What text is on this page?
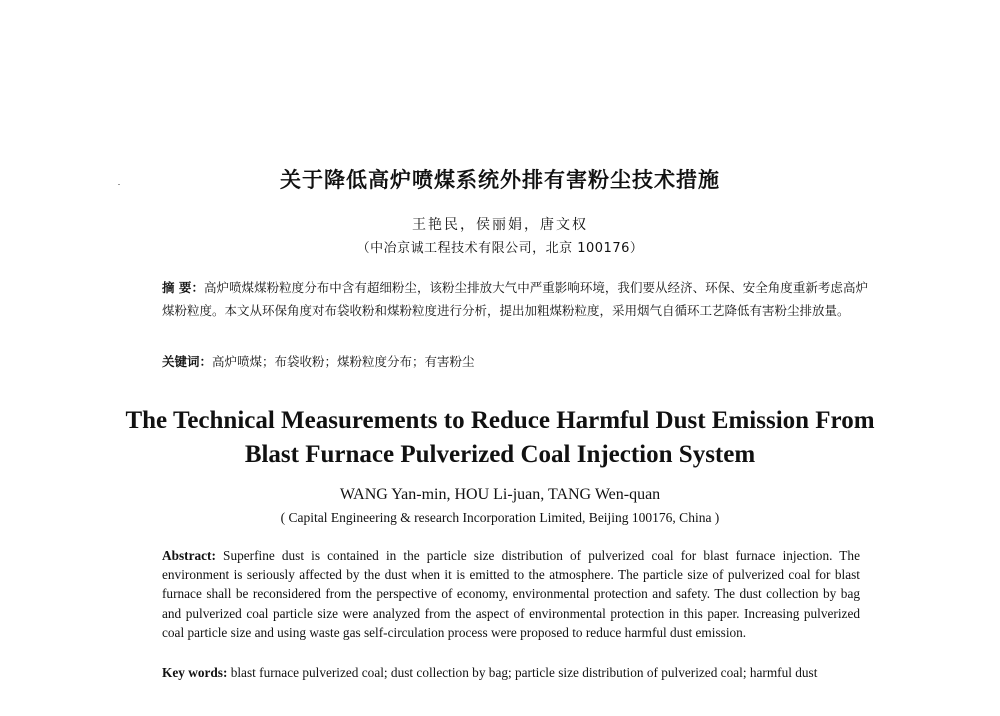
关于降低高炉喷煤系统外排有害粉尘技术措施
王艳民，侯丽娟，唐文权
（中冶京诚工程技术有限公司，北京 100176）
摘 要：高炉喷煤煤粉粒度分布中含有超细粉尘，该粉尘排放大气中严重影响环境，我们要从经济、环保、安全角度重新考虑高炉煤粉粒度。本文从环保角度对布袋收粉和煤粉粒度进行分析，提出加粗煤粉粒度，采用烟气自循环工艺降低有害粉尘排放量。
关键词：高炉喷煤；布袋收粉；煤粉粒度分布；有害粉尘
The Technical Measurements to Reduce Harmful Dust Emission From
Blast Furnace Pulverized Coal Injection System
WANG Yan-min, HOU Li-juan, TANG Wen-quan
( Capital Engineering & research Incorporation Limited, Beijing 100176, China )
Abstract: Superfine dust is contained in the particle size distribution of pulverized coal for blast furnace injection. The environment is seriously affected by the dust when it is emitted to the atmosphere. The particle size of pulverized coal for blast furnace shall be reconsidered from the perspective of economy, environmental protection and safety. The dust collection by bag and pulverized coal particle size were analyzed from the aspect of environmental protection in this paper. Increasing pulverized coal particle size and using waste gas self-circulation process were proposed to reduce harmful dust emission.
Key words: blast furnace pulverized coal; dust collection by bag; particle size distribution of pulverized coal; harmful dust
